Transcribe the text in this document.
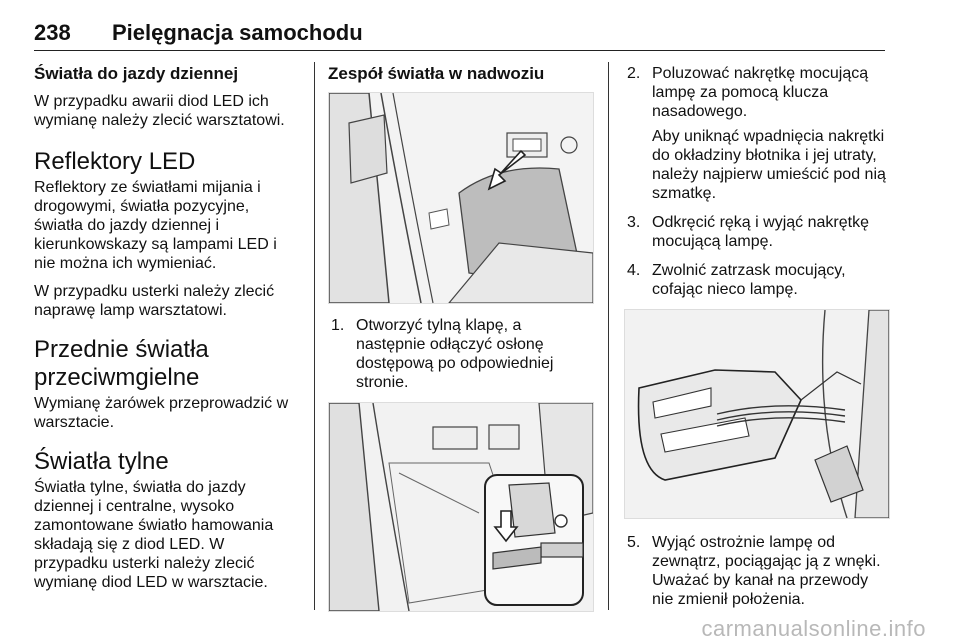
238 Pielęgnacja samochodu
Światła do jazdy dziennej

W przypadku awarii diod LED ich wymianę należy zlecić warsztatowi.

Reflektory LED

Reflektory ze światłami mijania i drogowymi, światła pozycyjne, światła do jazdy dziennej i kierunkowskazy są lampami LED i nie można ich wymieniać.

W przypadku usterki należy zlecić naprawę lamp warsztatowi.

Przednie światła
przeciwmgielne

Wymianę żarówek przeprowadzić w warsztacie.

Światła tylne

Światła tylne, światła do jazdy dziennej i centralne, wysoko zamontowane światło hamowania składają się z diod LED. W przypadku usterki należy zlecić wymianę diod LED w warsztacie.

Zespół światła w nadwoziu
1. Otworzyć tylną klapę, a następnie odłączyć osłonę dostępową po odpowiedniej stronie.

2. Poluzować nakrętkę mocującą lampę za pomocą klucza nasadowego.

Aby uniknąć wpadnięcia nakrętki do okładziny błotnika i jej utraty, należy najpierw umieścić pod nią szmatkę.

3. Odkręcić ręką i wyjąć nakrętkę mocującą lampę.

4. Zwolnić zatrzask mocujący, cofając nieco lampę.

5. Wyjąć ostrożnie lampę od zewnątrz, pociągając ją z wnęki. Uważać by kanał na przewody nie zmienił położenia.

carmanualsonline.info
